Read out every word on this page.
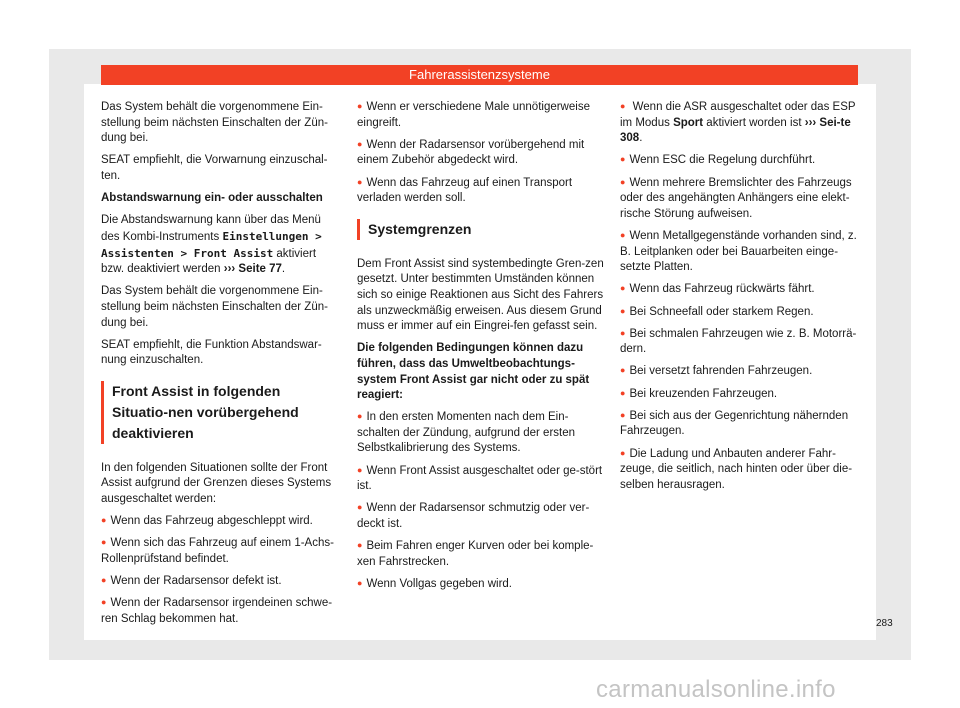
Fahrerassistenzsysteme

Das System behält die vorgenommene Ein-stellung beim nächsten Einschalten der Zün-dung bei.

SEAT empfiehlt, die Vorwarnung einzuschal-ten.

Abstandswarnung ein- oder ausschalten

Die Abstandswarnung kann über das Menü des Kombi-Instruments Einstellungen > Assistenten > Front Assist aktiviert bzw. deaktiviert werden ››› Seite 77.

Das System behält die vorgenommene Ein-stellung beim nächsten Einschalten der Zün-dung bei.

SEAT empfiehlt, die Funktion Abstandswar-nung einzuschalten.

Front Assist in folgenden Situatio-nen vorübergehend deaktivieren

In den folgenden Situationen sollte der Front Assist aufgrund der Grenzen dieses Systems ausgeschaltet werden:

● Wenn das Fahrzeug abgeschleppt wird.

● Wenn sich das Fahrzeug auf einem 1-Achs-Rollenprüfstand befindet.

● Wenn der Radarsensor defekt ist.

● Wenn der Radarsensor irgendeinen schwe-ren Schlag bekommen hat.

● Wenn er verschiedene Male unnötigerweise eingreift.

● Wenn der Radarsensor vorübergehend mit einem Zubehör abgedeckt wird.

● Wenn das Fahrzeug auf einen Transport verladen werden soll.

Systemgrenzen

Dem Front Assist sind systembedingte Gren-zen gesetzt. Unter bestimmten Umständen können sich so einige Reaktionen aus Sicht des Fahrers als unzweckmäßig erweisen. Aus diesem Grund muss er immer auf ein Eingrei-fen gefasst sein.

Die folgenden Bedingungen können dazu führen, dass das Umweltbeobachtungs-system Front Assist gar nicht oder zu spät reagiert:

● In den ersten Momenten nach dem Ein-schalten der Zündung, aufgrund der ersten Selbstkalibrierung des Systems.

● Wenn Front Assist ausgeschaltet oder ge-stört ist.

● Wenn der Radarsensor schmutzig oder ver-deckt ist.

● Beim Fahren enger Kurven oder bei komple-xen Fahrstrecken.

● Wenn Vollgas gegeben wird.

● Wenn die ASR ausgeschaltet oder das ESP im Modus Sport aktiviert worden ist ››› Sei-te 308.

● Wenn ESC die Regelung durchführt.

● Wenn mehrere Bremslichter des Fahrzeugs oder des angehängten Anhängers eine elekt-rische Störung aufweisen.

● Wenn Metallgegenstände vorhanden sind, z. B. Leitplanken oder bei Bauarbeiten einge-setzte Platten.

● Wenn das Fahrzeug rückwärts fährt.

● Bei Schneefall oder starkem Regen.

● Bei schmalen Fahrzeugen wie z. B. Motorrä-dern.

● Bei versetzt fahrenden Fahrzeugen.

● Bei kreuzenden Fahrzeugen.

● Bei sich aus der Gegenrichtung nähernden Fahrzeugen.

● Die Ladung und Anbauten anderer Fahr-zeuge, die seitlich, nach hinten oder über die-selben herausragen.

283
carmanualsonline.info
